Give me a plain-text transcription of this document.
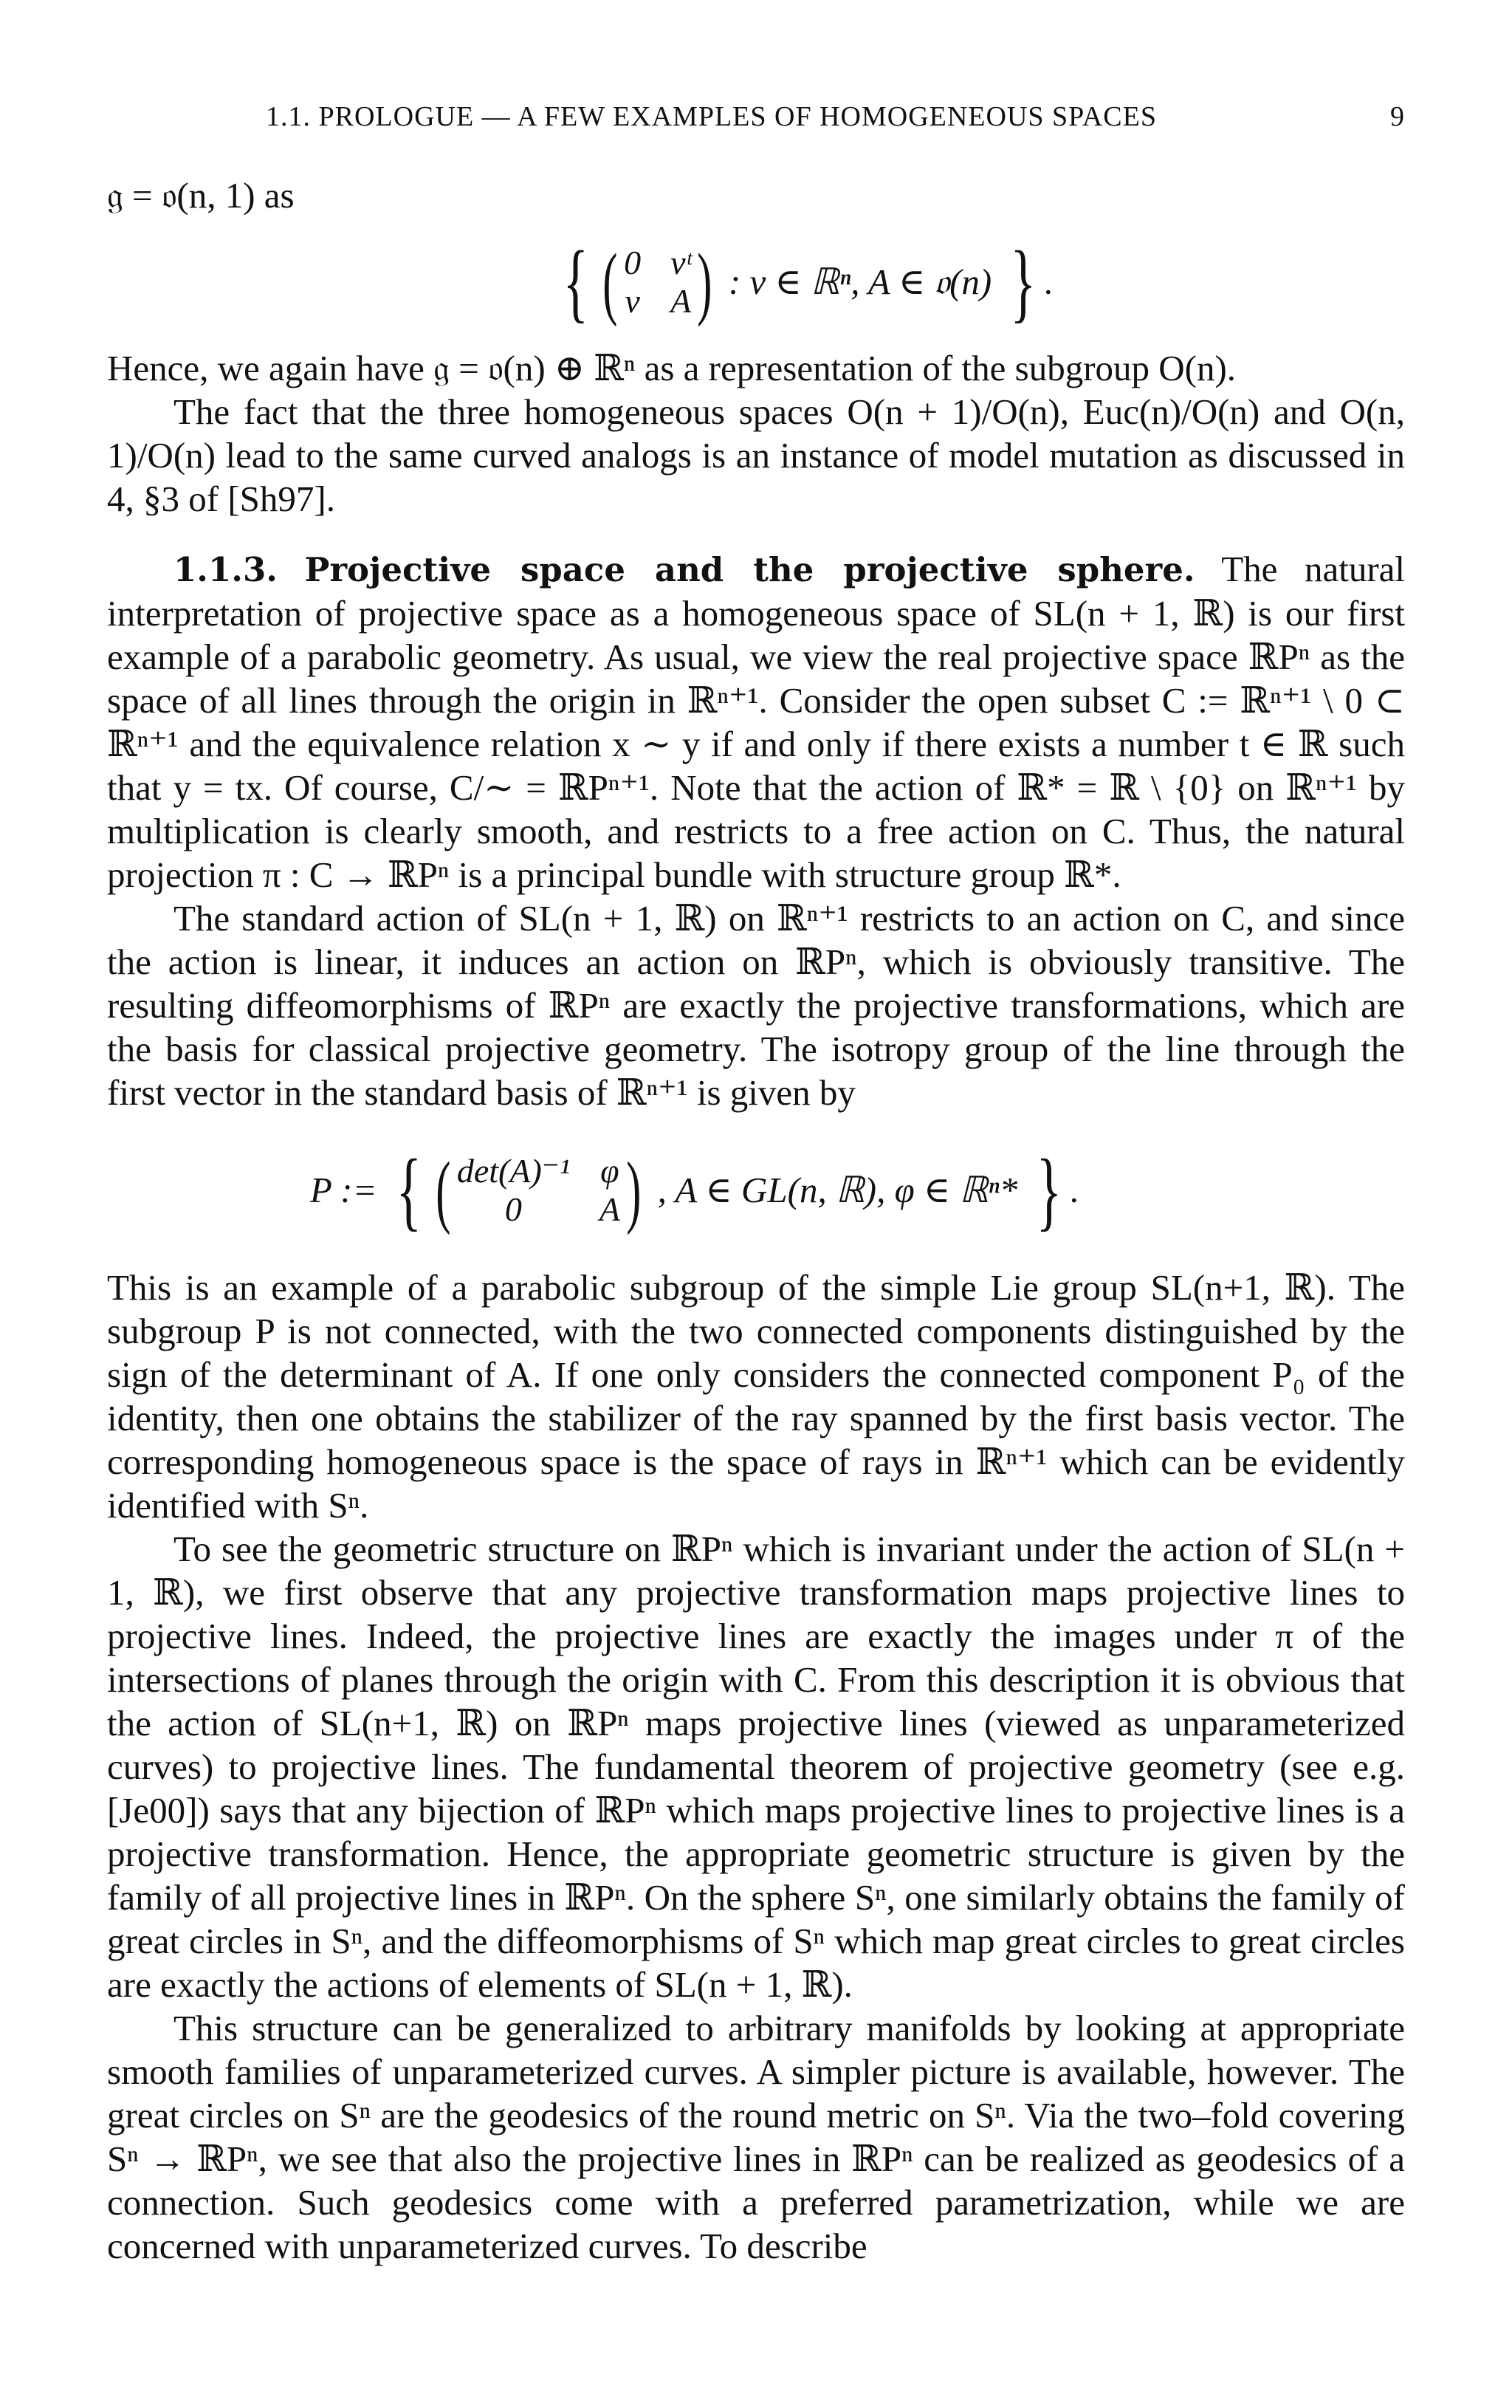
1.1. PROLOGUE — A FEW EXAMPLES OF HOMOGENEOUS SPACES	9

𝔤 = 𝔬(n, 1) as

{ ( 0 vᵗ
v A ) : v ∈ ℝⁿ, A ∈ 𝔬(n) } .

Hence, we again have 𝔤 = 𝔬(n) ⊕ ℝⁿ as a representation of the subgroup O(n).

The fact that the three homogeneous spaces O(n + 1)/O(n), Euc(n)/O(n) and O(n, 1)/O(n) lead to the same curved analogs is an instance of model mutation as discussed in 4, §3 of [Sh97].

1.1.3. Projective space and the projective sphere. The natural interpretation of projective space as a homogeneous space of SL(n + 1, ℝ) is our first example of a parabolic geometry. As usual, we view the real projective space ℝPⁿ as the space of all lines through the origin in ℝⁿ⁺¹. Consider the open subset C := ℝⁿ⁺¹ \ 0 ⊂ ℝⁿ⁺¹ and the equivalence relation x ∼ y if and only if there exists a number t ∈ ℝ such that y = tx. Of course, C/∼ = ℝPⁿ⁺¹. Note that the action of ℝ* = ℝ \ {0} on ℝⁿ⁺¹ by multiplication is clearly smooth, and restricts to a free action on C. Thus, the natural projection π : C → ℝPⁿ is a principal bundle with structure group ℝ*.

The standard action of SL(n + 1, ℝ) on ℝⁿ⁺¹ restricts to an action on C, and since the action is linear, it induces an action on ℝPⁿ, which is obviously transitive. The resulting diffeomorphisms of ℝPⁿ are exactly the projective transformations, which are the basis for classical projective geometry. The isotropy group of the line through the first vector in the standard basis of ℝⁿ⁺¹ is given by

P := { ( det(A)⁻¹ φ
0	A ) , A ∈ GL(n, ℝ), φ ∈ ℝⁿ* } .

This is an example of a parabolic subgroup of the simple Lie group SL(n+1, ℝ). The subgroup P is not connected, with the two connected components distinguished by the sign of the determinant of A. If one only considers the connected component P₀ of the identity, then one obtains the stabilizer of the ray spanned by the first basis vector. The corresponding homogeneous space is the space of rays in ℝⁿ⁺¹ which can be evidently identified with Sⁿ.

To see the geometric structure on ℝPⁿ which is invariant under the action of SL(n + 1, ℝ), we first observe that any projective transformation maps projective lines to projective lines. Indeed, the projective lines are exactly the images under π of the intersections of planes through the origin with C. From this description it is obvious that the action of SL(n+1, ℝ) on ℝPⁿ maps projective lines (viewed as unparameterized curves) to projective lines. The fundamental theorem of projective geometry (see e.g. [Je00]) says that any bijection of ℝPⁿ which maps projective lines to projective lines is a projective transformation. Hence, the appropriate geometric structure is given by the family of all projective lines in ℝPⁿ. On the sphere Sⁿ, one similarly obtains the family of great circles in Sⁿ, and the diffeomorphisms of Sⁿ which map great circles to great circles are exactly the actions of elements of SL(n + 1, ℝ).

This structure can be generalized to arbitrary manifolds by looking at appropriate smooth families of unparameterized curves. A simpler picture is available, however. The great circles on Sⁿ are the geodesics of the round metric on Sⁿ. Via the two–fold covering Sⁿ → ℝPⁿ, we see that also the projective lines in ℝPⁿ can be realized as geodesics of a connection. Such geodesics come with a preferred parametrization, while we are concerned with unparameterized curves. To describe
